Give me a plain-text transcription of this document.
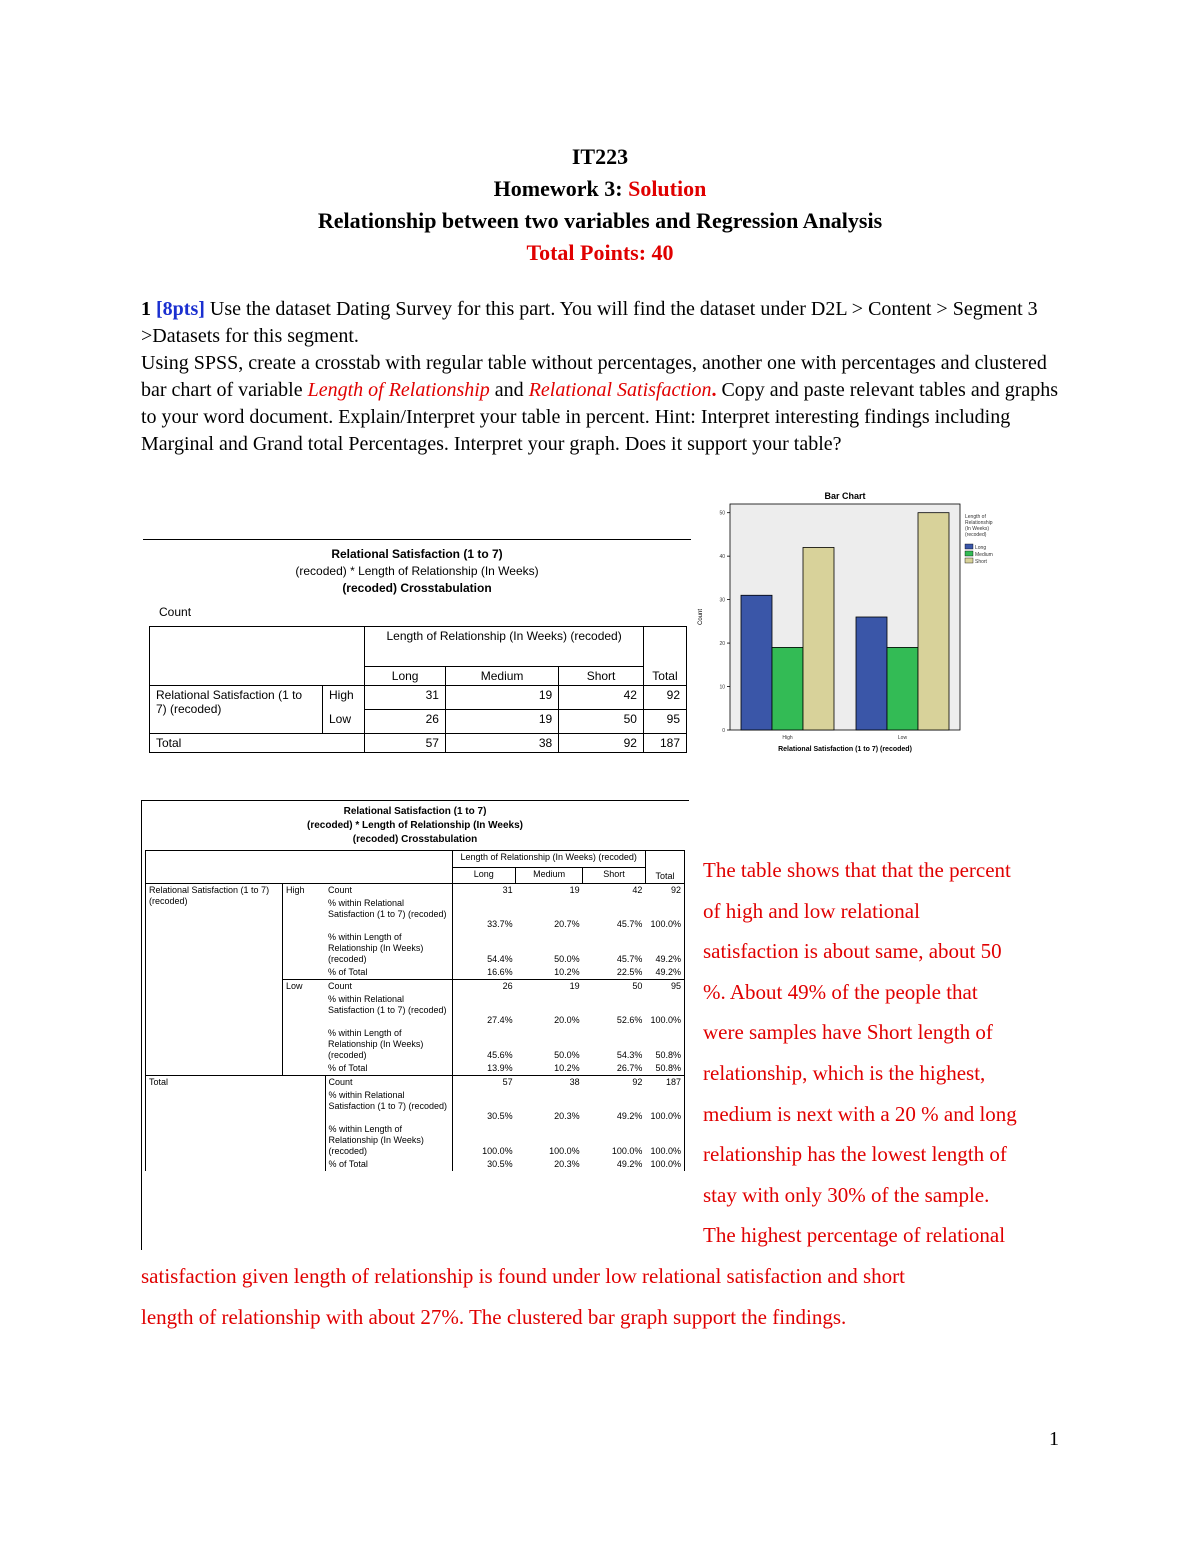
IT223
Homework 3: Solution
Relationship between two variables and Regression Analysis
Total Points: 40

1 [8pts] Use the dataset Dating Survey for this part. You will find the dataset under D2L > Content > Segment 3 >Datasets for this segment.

Using SPSS, create a crosstab with regular table without percentages, another one with percentages and clustered bar chart of variable Length of Relationship and Relational Satisfaction. Copy and paste relevant tables and graphs to your word document. Explain/Interpret your table in percent. Hint: Interpret interesting findings including Marginal and Grand total Percentages. Interpret your graph. Does it support your table?

Relational Satisfaction (1 to 7)
(recoded) * Length of Relationship (In Weeks)
(recoded) Crosstabulation
Count
		Length of Relationship (In Weeks) (recoded)			Total
		Long	Medium	Short	
Relational Satisfaction (1 to 7) (recoded)	High	31	19	42	92
	Low	26	19	50	95
Total		57	38	92	187
Bar Chart
0
10
20
30
40
50
Count
High	Low
Relational Satisfaction (1 to 7) (recoded)
Length of Relationship (In Weeks) (recoded)
Long
Medium
Short
Relational Satisfaction (1 to 7)
(recoded) * Length of Relationship (In Weeks)
(recoded) Crosstabulation
			Length of Relationship (In Weeks) (recoded)			Total
			Long	Medium	Short	
Relational Satisfaction (1 to 7) (recoded)	High	Count	31	19	42	92
		% within Relational Satisfaction (1 to 7) (recoded)	33.7%	20.7%	45.7%	100.0%
		% within Length of Relationship (In Weeks) (recoded)	54.4%	50.0%	45.7%	49.2%
		% of Total	16.6%	10.2%	22.5%	49.2%
	Low	Count	26	19	50	95
		% within Relational Satisfaction (1 to 7) (recoded)	27.4%	20.0%	52.6%	100.0%
		% within Length of Relationship (In Weeks) (recoded)	45.6%	50.0%	54.3%	50.8%
		% of Total	13.9%	10.2%	26.7%	50.8%
Total		Count	57	38	92	187
		% within Relational Satisfaction (1 to 7) (recoded)	30.5%	20.3%	49.2%	100.0%
		% within Length of Relationship (In Weeks) (recoded)	100.0%	100.0%	100.0%	100.0%
		% of Total	30.5%	20.3%	49.2%	100.0%
The table shows that that the percent
of high and low relational
satisfaction is about same, about 50
%. About 49% of the people that
were samples have Short length of
relationship, which is the highest,
medium is next with a 20 % and long
relationship has the lowest length of
stay with only 30% of the sample.
The highest percentage of relational
satisfaction given length of relationship is found under low relational satisfaction and short
length of relationship with about 27%. The clustered bar graph support the findings.
1
